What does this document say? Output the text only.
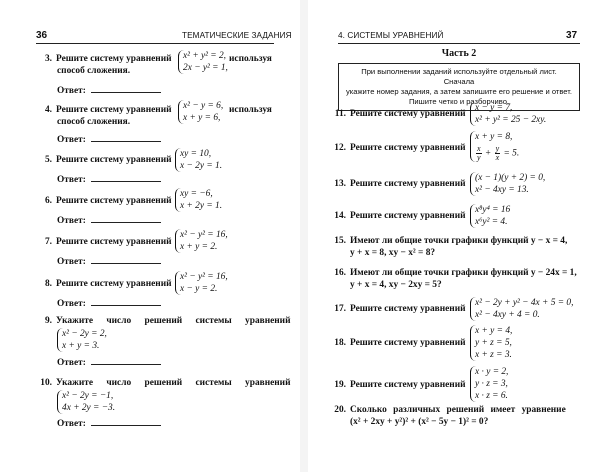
36	ТЕМАТИЧЕСКИЕ ЗАДАНИЯ
3. Решите систему уравнений x² + y² = 2,
2x − y² = 1,
используя
способ сложения.
Ответ:
4. Решите систему уравнений x² − y = 6,
x + y = 6,
используя
способ сложения.
Ответ:
5. Решите систему уравнений
xy = 10,
x − 2y = 1.
Ответ:
6. Решите систему уравнений
xy = −6,
x + 2y = 1.
Ответ:
7. Решите систему уравнений
x² − y² = 16,
x + y = 2.
Ответ:
8. Решите систему уравнений
x² − y² = 16,
x − y = 2.
Ответ:
9. Укажите число решений системы уравнений
x² − 2y = 2,
x + y = 3.
Ответ:
10. Укажите число решений системы уравнений
x² − 2y = −1,
4x + 2y = −3.
Ответ:
4. СИСТЕМЫ УРАВНЕНИЙ	37
Часть 2
При выполнении заданий используйте отдельный лист. Сначала
укажите номер задания, а затем запишите его решение и ответ.
Пишите четко и разборчиво.
11. Решите систему уравнений
x − y = 7,
x² + y² = 25 − 2xy.
12. Решите систему уравнений
x + y = 8,
$\frac{x}{y} + \frac{y}{x} = 5$.
13. Решите систему уравнений
(x − 1)(y + 2) = 0,
x² − 4xy = 13.
14. Решите систему уравнений
x⁸y⁴ = 16
x⁶y² = 4.
15. Имеют ли общие точки графики функций y − x = 4,
y + x = 8, xy − x² = 8?
16. Имеют ли общие точки графики функций y − 24x = 1,
y + x = 4, xy − 2xy = 5?
17. Решите систему уравнений
x² − 2y + y² − 4x + 5 = 0,
x² − 4xy + 4 = 0.
18. Решите систему уравнений
x + y = 4,
y + z = 5,
x + z = 3.
19. Решите систему уравнений
x · y = 2,
y · z = 3,
x · z = 6.
20. Сколько различных решений имеет уравнение
(x² + 2xy + y²)² + (x² − 5y − 1)² = 0?
